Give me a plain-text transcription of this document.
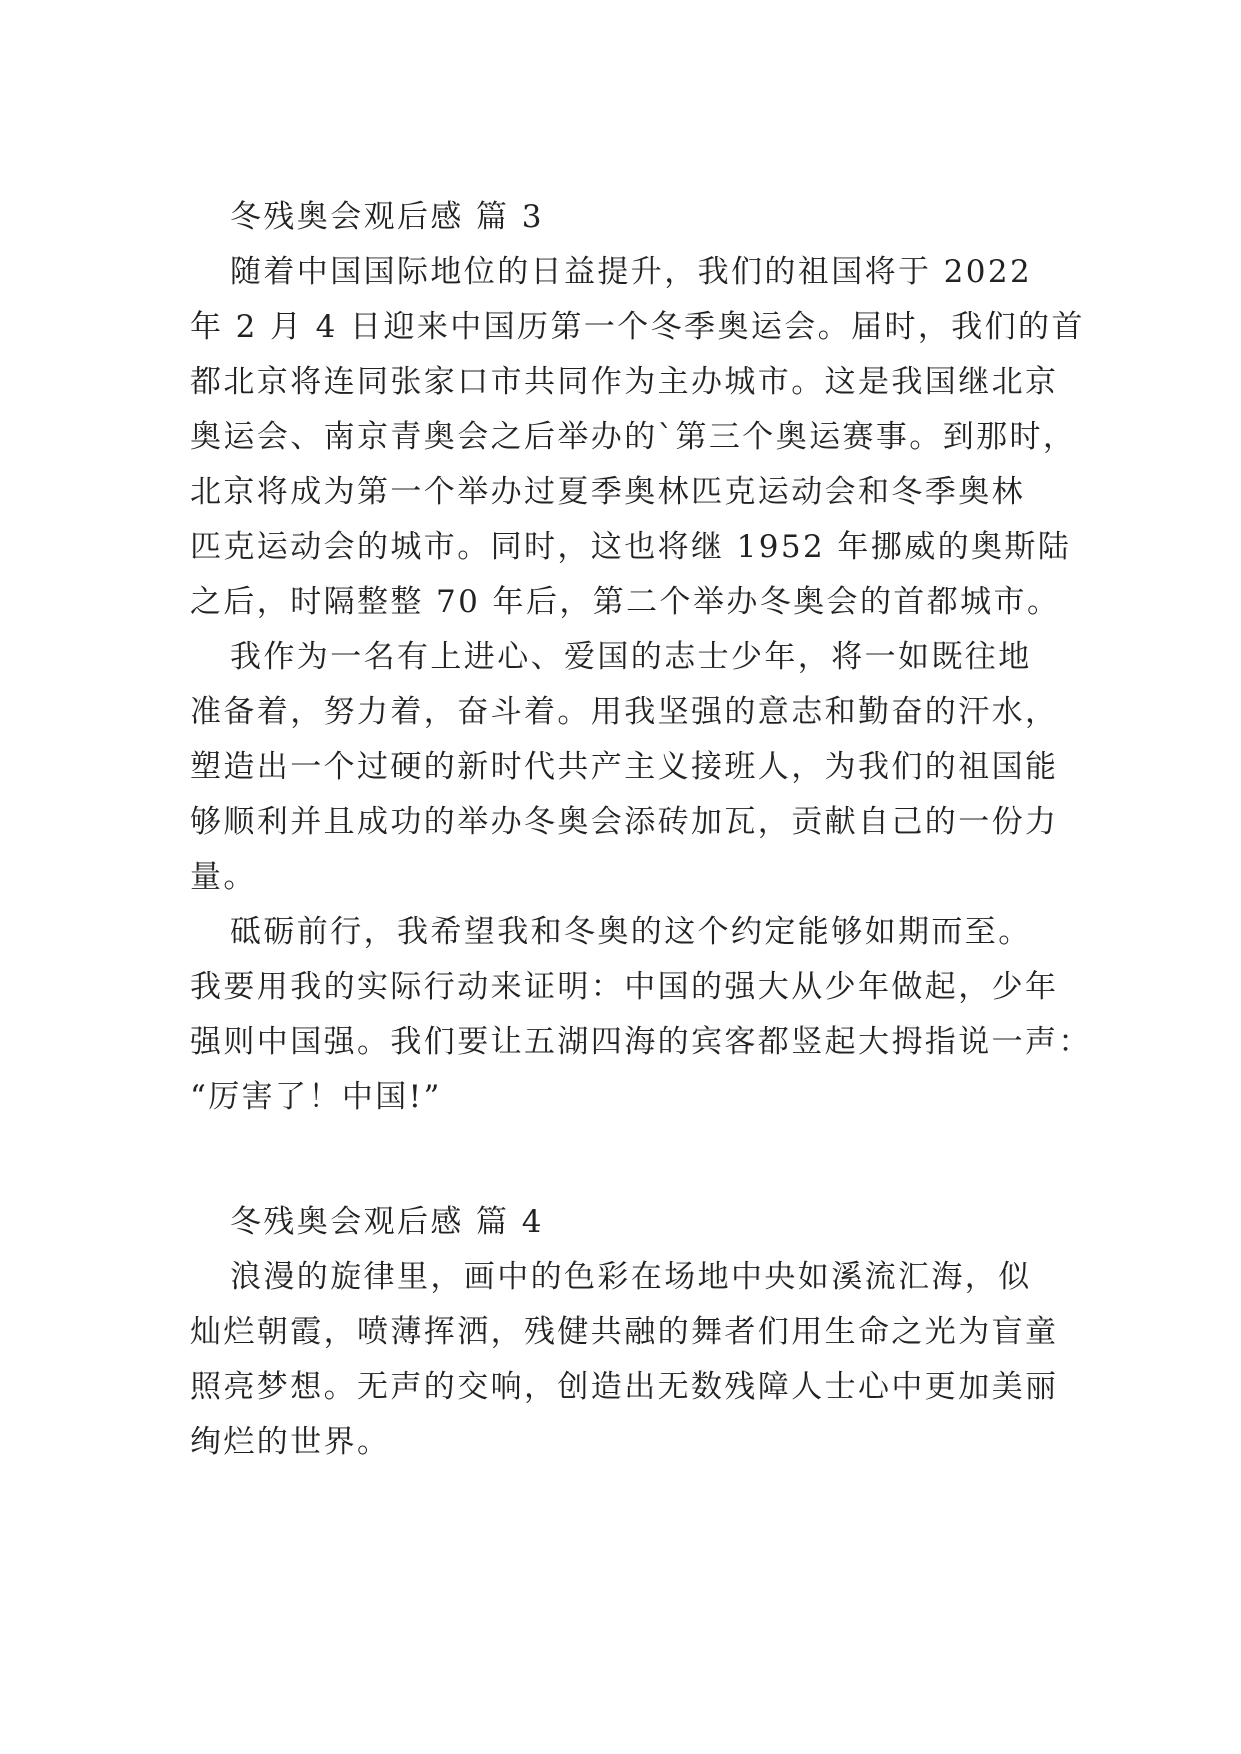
冬残奥会观后感 篇 3
随着中国国际地位的日益提升，我们的祖国将于 2022
年 2 月 4 日迎来中国历第一个冬季奥运会。届时，我们的首
都北京将连同张家口市共同作为主办城市。这是我国继北京
奥运会、南京青奥会之后举办的`第三个奥运赛事。到那时，
北京将成为第一个举办过夏季奥林匹克运动会和冬季奥林
匹克运动会的城市。同时，这也将继 1952 年挪威的奥斯陆
之后，时隔整整 70 年后，第二个举办冬奥会的首都城市。
我作为一名有上进心、爱国的志士少年，将一如既往地
准备着，努力着，奋斗着。用我坚强的意志和勤奋的汗水，
塑造出一个过硬的新时代共产主义接班人，为我们的祖国能
够顺利并且成功的举办冬奥会添砖加瓦，贡献自己的一份力
量。
砥砺前行，我希望我和冬奥的这个约定能够如期而至。
我要用我的实际行动来证明：中国的强大从少年做起，少年
强则中国强。我们要让五湖四海的宾客都竖起大拇指说一声：
“厉害了！中国!”
冬残奥会观后感 篇 4
浪漫的旋律里，画中的色彩在场地中央如溪流汇海，似
灿烂朝霞，喷薄挥洒，残健共融的舞者们用生命之光为盲童
照亮梦想。无声的交响，创造出无数残障人士心中更加美丽
绚烂的世界。
